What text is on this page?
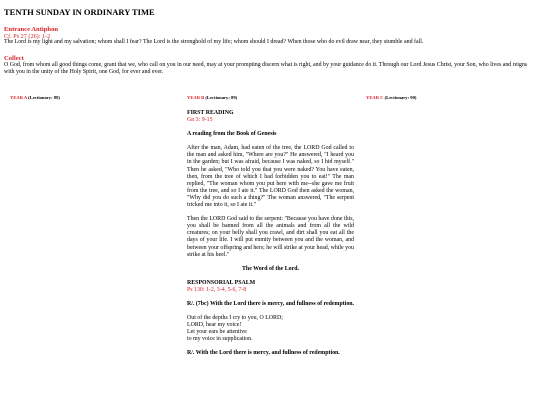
TENTH SUNDAY IN ORDINARY TIME
Entrance Antiphon
Cf. Ps 27 (26): 1-2
The Lord is my light and my salvation; whom shall I fear? The Lord is the stronghold of my life; whom should I dread? When those who do evil draw near, they stumble and fall.
Collect
O God, from whom all good things come, grant that we, who call on you in our need, may at your prompting discern what is right, and by your guidance do it. Through our Lord Jesus Christ, your Son, who lives and reigns with you in the unity of the Holy Spirit, one God, for ever and ever.
YEAR A (Lectionary: 88)	YEAR B (Lectionary: 89)	YEAR C (Lectionary: 90)
FIRST READING
Gn 3: 9-15
A reading from the Book of Genesis
After the man, Adam, had eaten of the tree, the LORD God called to the man and asked him, "Where are you?" He answered, "I heard you in the garden; but I was afraid, because I was naked, so I hid myself." Then he asked, "Who told you that you were naked? You have eaten, then, from the tree of which I had forbidden you to eat!" The man replied, "The woman whom you put here with me--she gave me fruit from the tree, and so I ate it." The LORD God then asked the woman, "Why did you do such a thing?" The woman answered, "The serpent tricked me into it, so I ate it."
Then the LORD God said to the serpent: "Because you have done this, you shall be banned from all the animals and from all the wild creatures; on your belly shall you crawl, and dirt shall you eat all the days of your life. I will put enmity between you and the woman, and between your offspring and hers; he will strike at your head, while you strike at his heel."
The Word of the Lord.
RESPONSORIAL PSALM
Ps 130: 1-2, 3-4, 5-6, 7-8
R/. (7bc) With the Lord there is mercy, and fullness of redemption.
Out of the depths I cry to you, O LORD;
LORD, hear my voice!
Let your ears be attentive
to my voice in supplication.
R/. With the Lord there is mercy, and fullness of redemption.
